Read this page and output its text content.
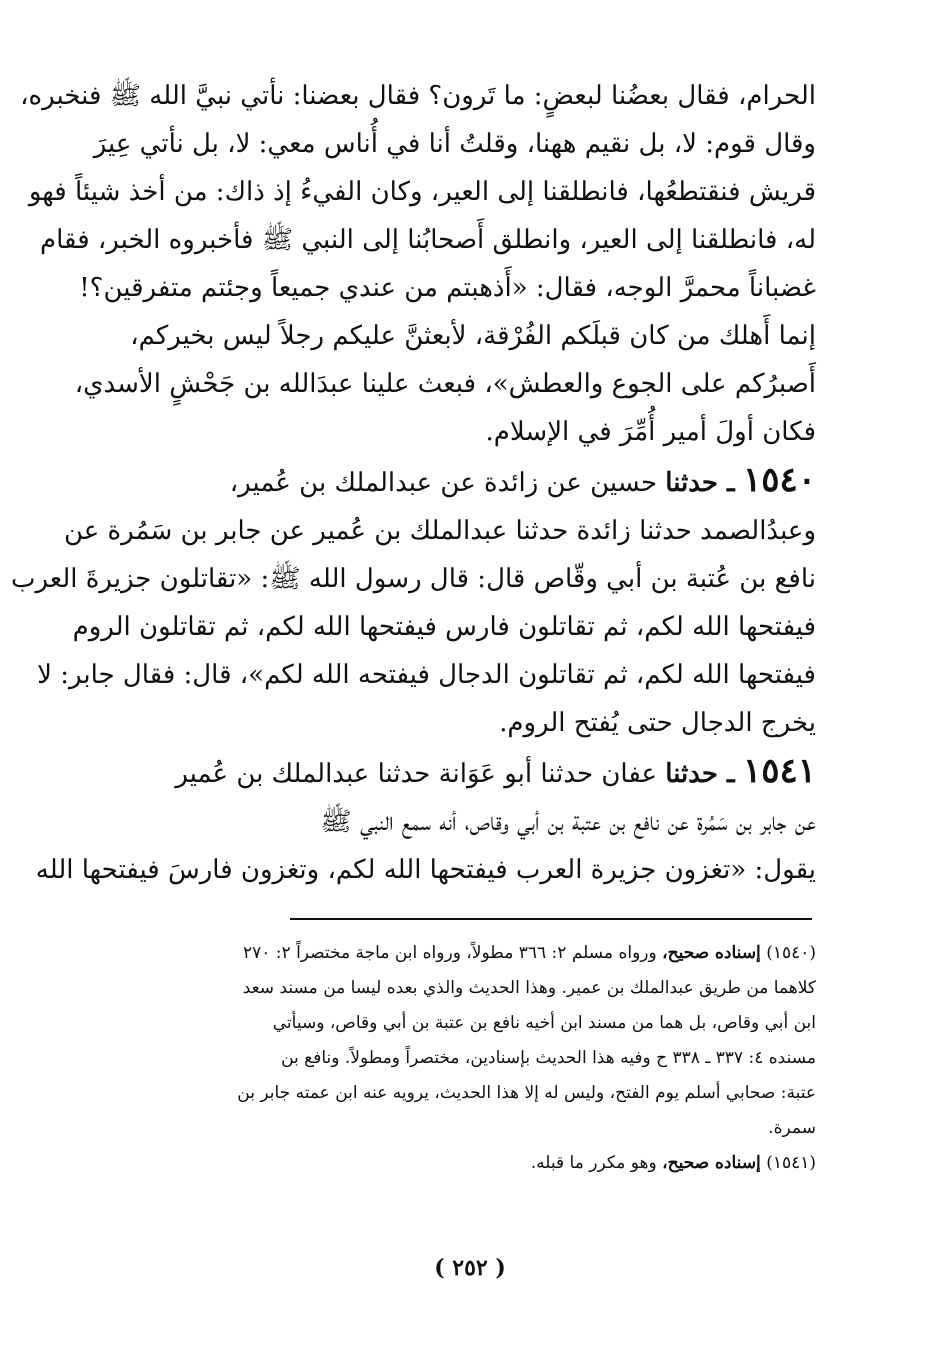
الحرام، فقال بعضُنا لبعضٍ: ما تَرون؟ فقال بعضنا: نأتي نبيَّ الله ﷺ فنخبره،
وقال قوم: لا، بل نقيم ههنا، وقلتُ أنا في أُناس معي: لا، بل نأتي عِيرَ
قريش فنقتطعُها، فانطلقنا إلى العير، وكان الفيءُ إذ ذاك: من أخذ شيئاً فهو
له، فانطلقنا إلى العير، وانطلق أَصحابُنا إلى النبي ﷺ فأخبروه الخبر، فقام
غضباناً محمرَّ الوجه، فقال: «أَذهبتم من عندي جميعاً وجئتم متفرقين؟!
إنما أَهلك من كان قبلَكم الفُرْقة، لأبعثنَّ عليكم رجلاً ليس بخيركم،
أَصبرُكم على الجوع والعطش»، فبعث علينا عبدَالله بن جَحْشٍ الأسدي،
فكان أولَ أمير أُمِّرَ في الإسلام.
١٥٤٠ ـ حدثنا حسين عن زائدة عن عبدالملك بن عُمير،
وعبدُالصمد حدثنا زائدة حدثنا عبدالملك بن عُمير عن جابر بن سَمُرة عن
نافع بن عُتبة بن أبي وقّاص قال: قال رسول الله ﷺ: «تقاتلون جزيرةَ العرب
فيفتحها الله لكم، ثم تقاتلون فارس فيفتحها الله لكم، ثم تقاتلون الروم
فيفتحها الله لكم، ثم تقاتلون الدجال فيفتحه الله لكم»، قال: فقال جابر: لا
يخرج الدجال حتى يُفتح الروم.
١٥٤١ ـ حدثنا عفان حدثنا أبو عَوَانة حدثنا عبدالملك بن عُمير
عن جابر بن سَمُرة عن نافع بن عتبة بن أبي وقاص، أنه سمع النبي ﷺ
يقول: «تغزون جزيرة العرب فيفتحها الله لكم، وتغزون فارسَ فيفتحها الله
(١٥٤٠) إسناده صحيح، ورواه مسلم ٢: ٣٦٦ مطولاً، ورواه ابن ماجة مختصراً ٢: ٢٧٠
كلاهما من طريق عبدالملك بن عمير. وهذا الحديث والذي بعده ليسا من مسند سعد
ابن أبي وقاص، بل هما من مسند ابن أخيه نافع بن عتبة بن أبي وقاص، وسيأتي
مسنده ٤: ٣٣٧ ـ ٣٣٨ ح وفيه هذا الحديث بإسنادين، مختصراً ومطولاً. ونافع بن
عتبة: صحابي أسلم يوم الفتح، وليس له إلا هذا الحديث، يرويه عنه ابن عمته جابر بن
سمرة.
(١٥٤١) إسناده صحيح، وهو مكرر ما قبله.
( ٢٥٢ )
